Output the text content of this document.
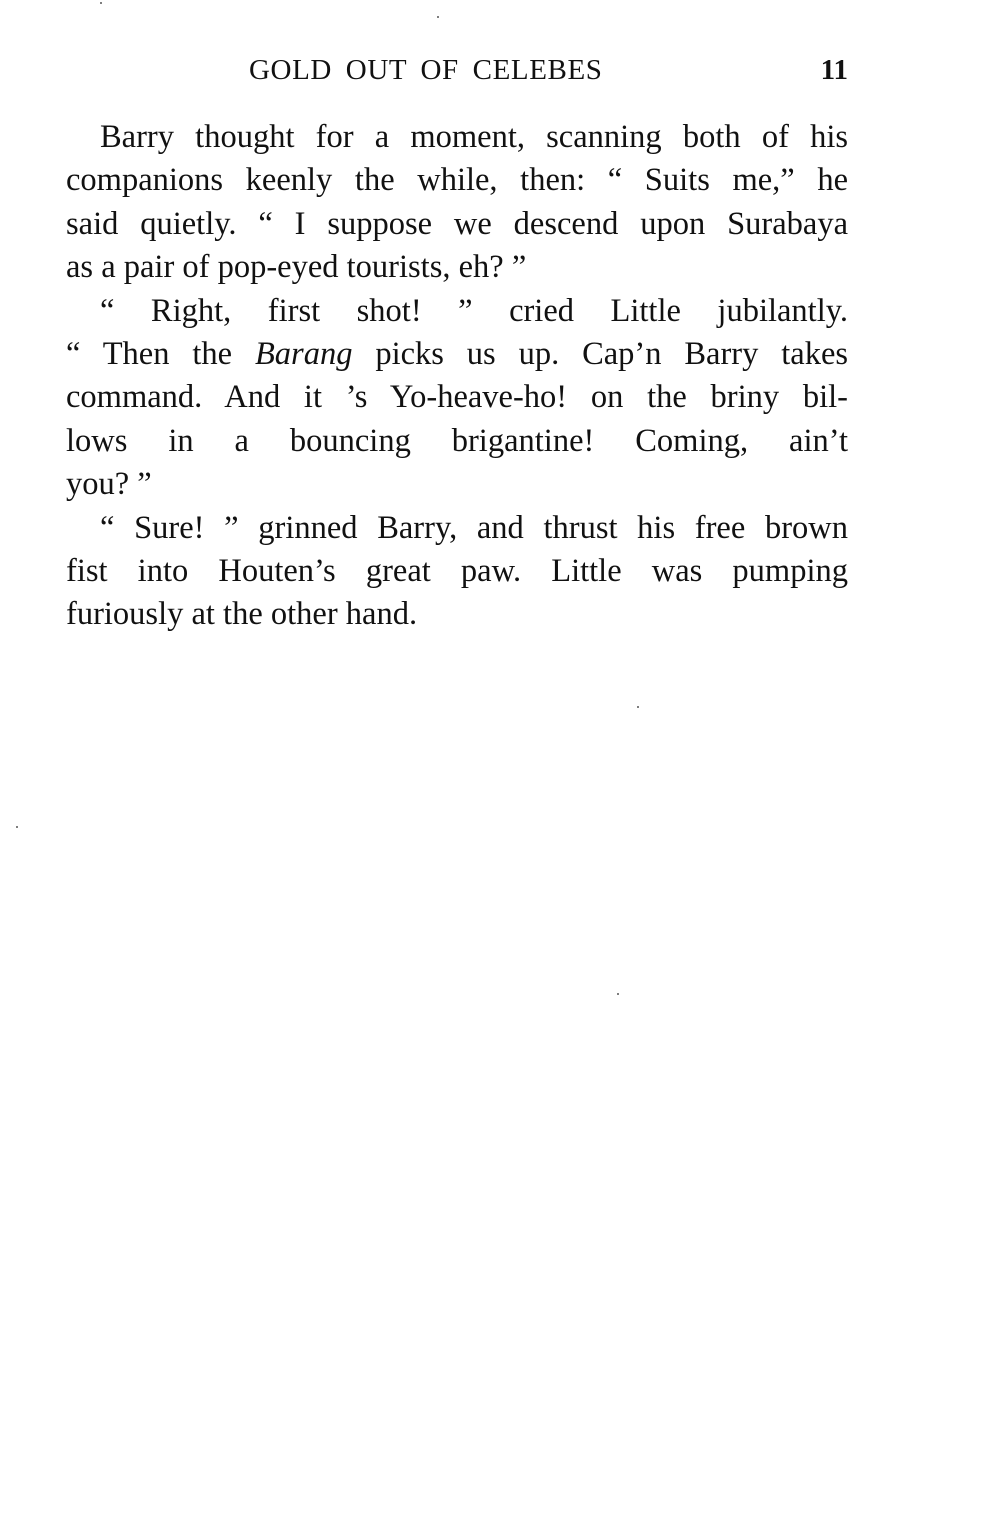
GOLD OUT OF CELEBES	11
Barry thought for a moment, scanning both of his
companions keenly the while, then: “ Suits me,” he
said quietly. “ I suppose we descend upon Surabaya
as a pair of pop-eyed tourists, eh? ”
“ Right, first shot! ” cried Little jubilantly.
“ Then the Barang picks us up. Cap’n Barry takes
command. And it ’s Yo-heave-ho! on the briny bil-
lows in a bouncing brigantine! Coming, ain’t
you? ”
“ Sure! ” grinned Barry, and thrust his free brown
fist into Houten’s great paw. Little was pumping
furiously at the other hand.
